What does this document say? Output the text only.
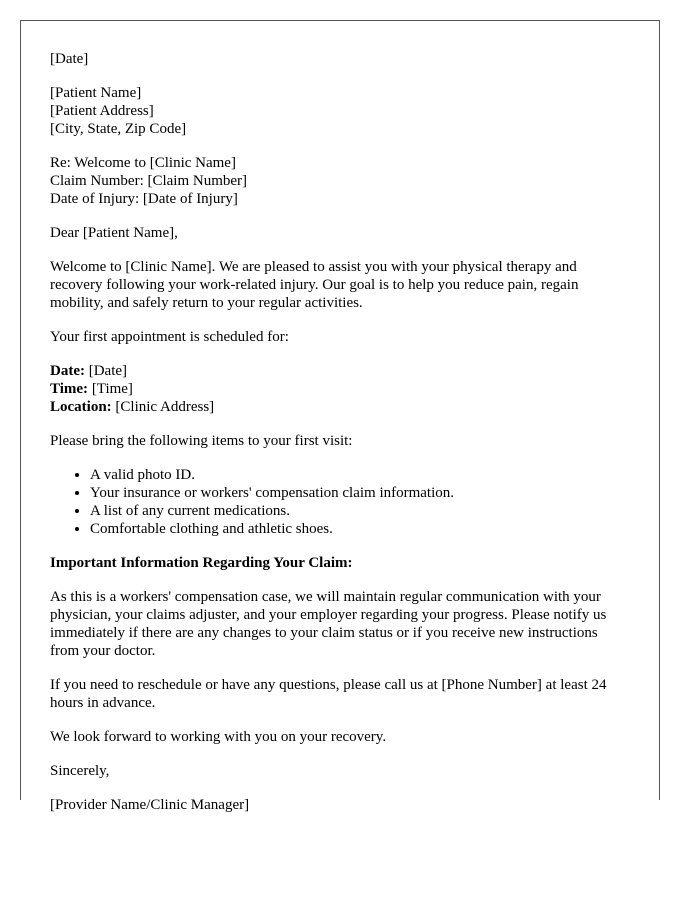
[Date]

[Patient Name]
[Patient Address]
[City, State, Zip Code]

Re: Welcome to [Clinic Name]
Claim Number: [Claim Number]
Date of Injury: [Date of Injury]

Dear [Patient Name],

Welcome to [Clinic Name]. We are pleased to assist you with your physical therapy and recovery following your work-related injury. Our goal is to help you reduce pain, regain mobility, and safely return to your regular activities.

Your first appointment is scheduled for:

Date: [Date]
Time: [Time]
Location: [Clinic Address]

Please bring the following items to your first visit:

• A valid photo ID.
• Your insurance or workers' compensation claim information.
• A list of any current medications.
• Comfortable clothing and athletic shoes.

Important Information Regarding Your Claim:

As this is a workers' compensation case, we will maintain regular communication with your physician, your claims adjuster, and your employer regarding your progress. Please notify us immediately if there are any changes to your claim status or if you receive new instructions from your doctor.

If you need to reschedule or have any questions, please call us at [Phone Number] at least 24 hours in advance.

We look forward to working with you on your recovery.

Sincerely,

[Provider Name/Clinic Manager]
